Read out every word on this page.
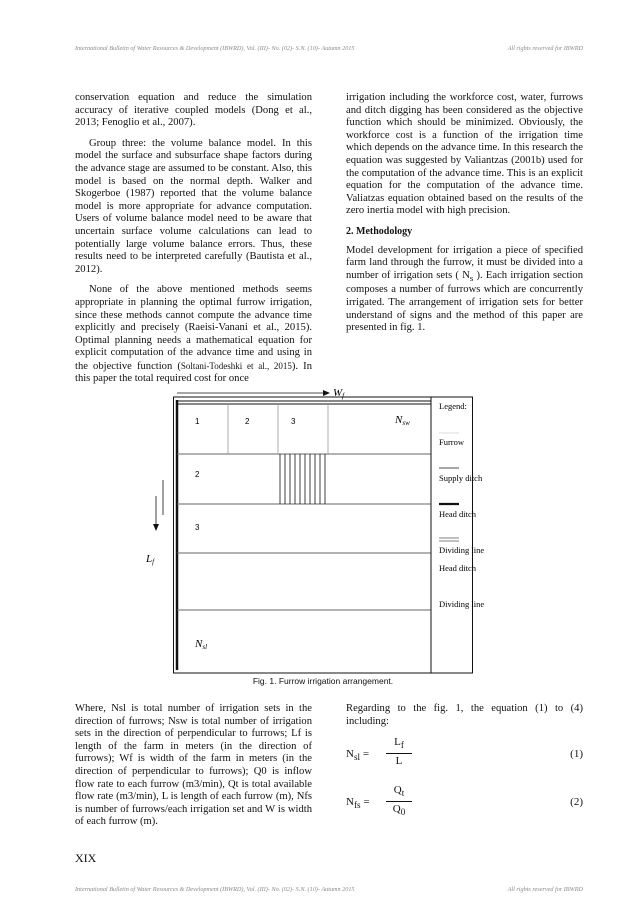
International Bulletin of Water Resources & Development (IBWRD), Vol. (III)- No. (02)- S.N. (10)- Autumn 2015	All rights reserved for IBWRD

conservation equation and reduce the simulation accuracy of iterative coupled models (Dong et al., 2013; Fenoglio et al., 2007).

Group three: the volume balance model. In this model the surface and subsurface shape factors during the advance stage are assumed to be constant. Also, this model is based on the normal depth. Walker and Skogerboe (1987) reported that the volume balance model is more appropriate for advance computation. Users of volume balance model need to be aware that uncertain surface volume calculations can lead to potentially large volume balance errors. Thus, these results need to be interpreted carefully (Bautista et al., 2012).

None of the above mentioned methods seems appropriate in planning the optimal furrow irrigation, since these methods cannot compute the advance time explicitly and precisely (Raeisi-Vanani et al., 2015). Optimal planning needs a mathematical equation for explicit computation of the advance time and using in the objective function (Soltani-Todeshki et al., 2015). In this paper the total required cost for once

irrigation including the workforce cost, water, furrows and ditch digging has been considered as the objective function which should be minimized. Obviously, the workforce cost is a function of the irrigation time which depends on the advance time. In this research the equation was suggested by Valiantzas (2001b) used for the computation of the advance time. This is an explicit equation for the computation of the advance time. Valiatzas equation obtained based on the results of the zero inertia model with high precision.

2. Methodology

Model development for irrigation a piece of specified farm land through the furrow, it must be divided into a number of irrigation sets ( $N_s$ ). Each irrigation section composes a number of furrows which are concurrently irrigated. The arrangement of irrigation sets for better understand of signs and the method of this paper are presented in fig. 1.

Wf
1	2	3
2
3
Nsw
Nsl
Legend:
Furrow
Supply ditch
Head ditch
Dividing line
Head ditch
Dividing line
Lf
Fig. 1. Furrow irrigation arrangement.

Where, Nsl is total number of irrigation sets in the direction of furrows; Nsw is total number of irrigation sets in the direction of perpendicular to furrows; Lf is length of the farm in meters (in the direction of furrows); Wf is width of the farm in meters (in the direction of perpendicular to furrows); Q0 is inflow flow rate to each furrow (m3/min), Qt is total available flow rate (m3/min), L is length of each furrow (m), Nfs is number of furrows/each irrigation set and W is width of each furrow (m).

Regarding to the fig. 1, the equation (1) to (4) including:

$N_{sl} = \frac{L_f}{L}$	(1)
$N_{fs} = \frac{Q_t}{Q_0}$	(2)
XIX
International Bulletin of Water Resources & Development (IBWRD), Vol. (III)- No. (02)- S.N. (10)- Autumn 2015	All rights reserved for IBWRD
